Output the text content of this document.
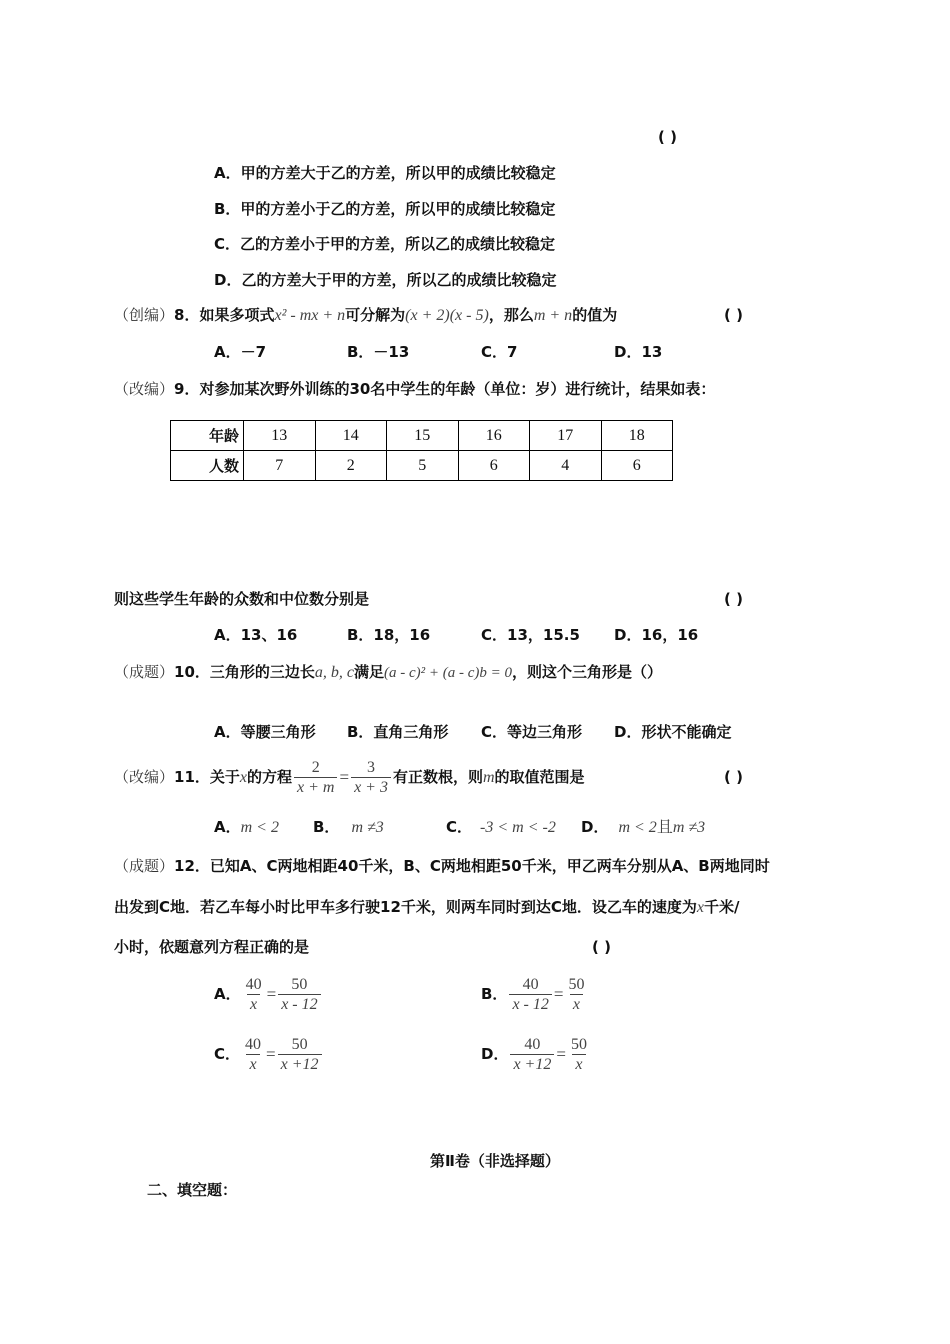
( )
A．甲的方差大于乙的方差，所以甲的成绩比较稳定
B．甲的方差小于乙的方差，所以甲的成绩比较稳定
C．乙的方差小于甲的方差，所以乙的成绩比较稳定
D．乙的方差大于甲的方差，所以乙的成绩比较稳定
（创编）8．如果多项式x² - mx + n可分解为(x + 2)(x - 5)，那么m + n的值为	( )
A．－7	B．－13	C．7	D．13
（改编）9．对参加某次野外训练的30名中学生的年龄（单位：岁）进行统计，结果如表：
年龄	13	14	15	16	17	18
人数	7	2	5	6	4	6
则这些学生年龄的众数和中位数分别是	( )
A．13、16	B．18，16	C．13，15.5 D．16，16
（成题）10．三角形的三边长a, b, c满足(a - c)² + (a - c)b = 0，则这个三角形是（）
A．等腰三角形 B．直角三角形 C．等边三角形 D．形状不能确定
（改编）11．关于x的方程 $\frac{2}{x + m} = \frac{3}{x + 3}$ 有正数根，则m的取值范围是	( )
A．m < 2 B． m ≠3	C． -3 < m < -2 D． m < 2且m ≠3
（成题）12．已知A、C两地相距40千米，B、C两地相距50千米，甲乙两车分别从A、B两地同时
出发到C地．若乙车每小时比甲车多行驶12千米，则两车同时到达C地．设乙车的速度为x千米/
小时，依题意列方程正确的是	( )
A． $\frac{40}{x} = \frac{50}{x - 12}$	B． $\frac{40}{x - 12} = \frac{50}{x}$
C． $\frac{40}{x} = \frac{50}{x +12}$	D． $\frac{40}{x +12} = \frac{50}{x}$
第Ⅱ卷（非选择题）
二、填空题：
